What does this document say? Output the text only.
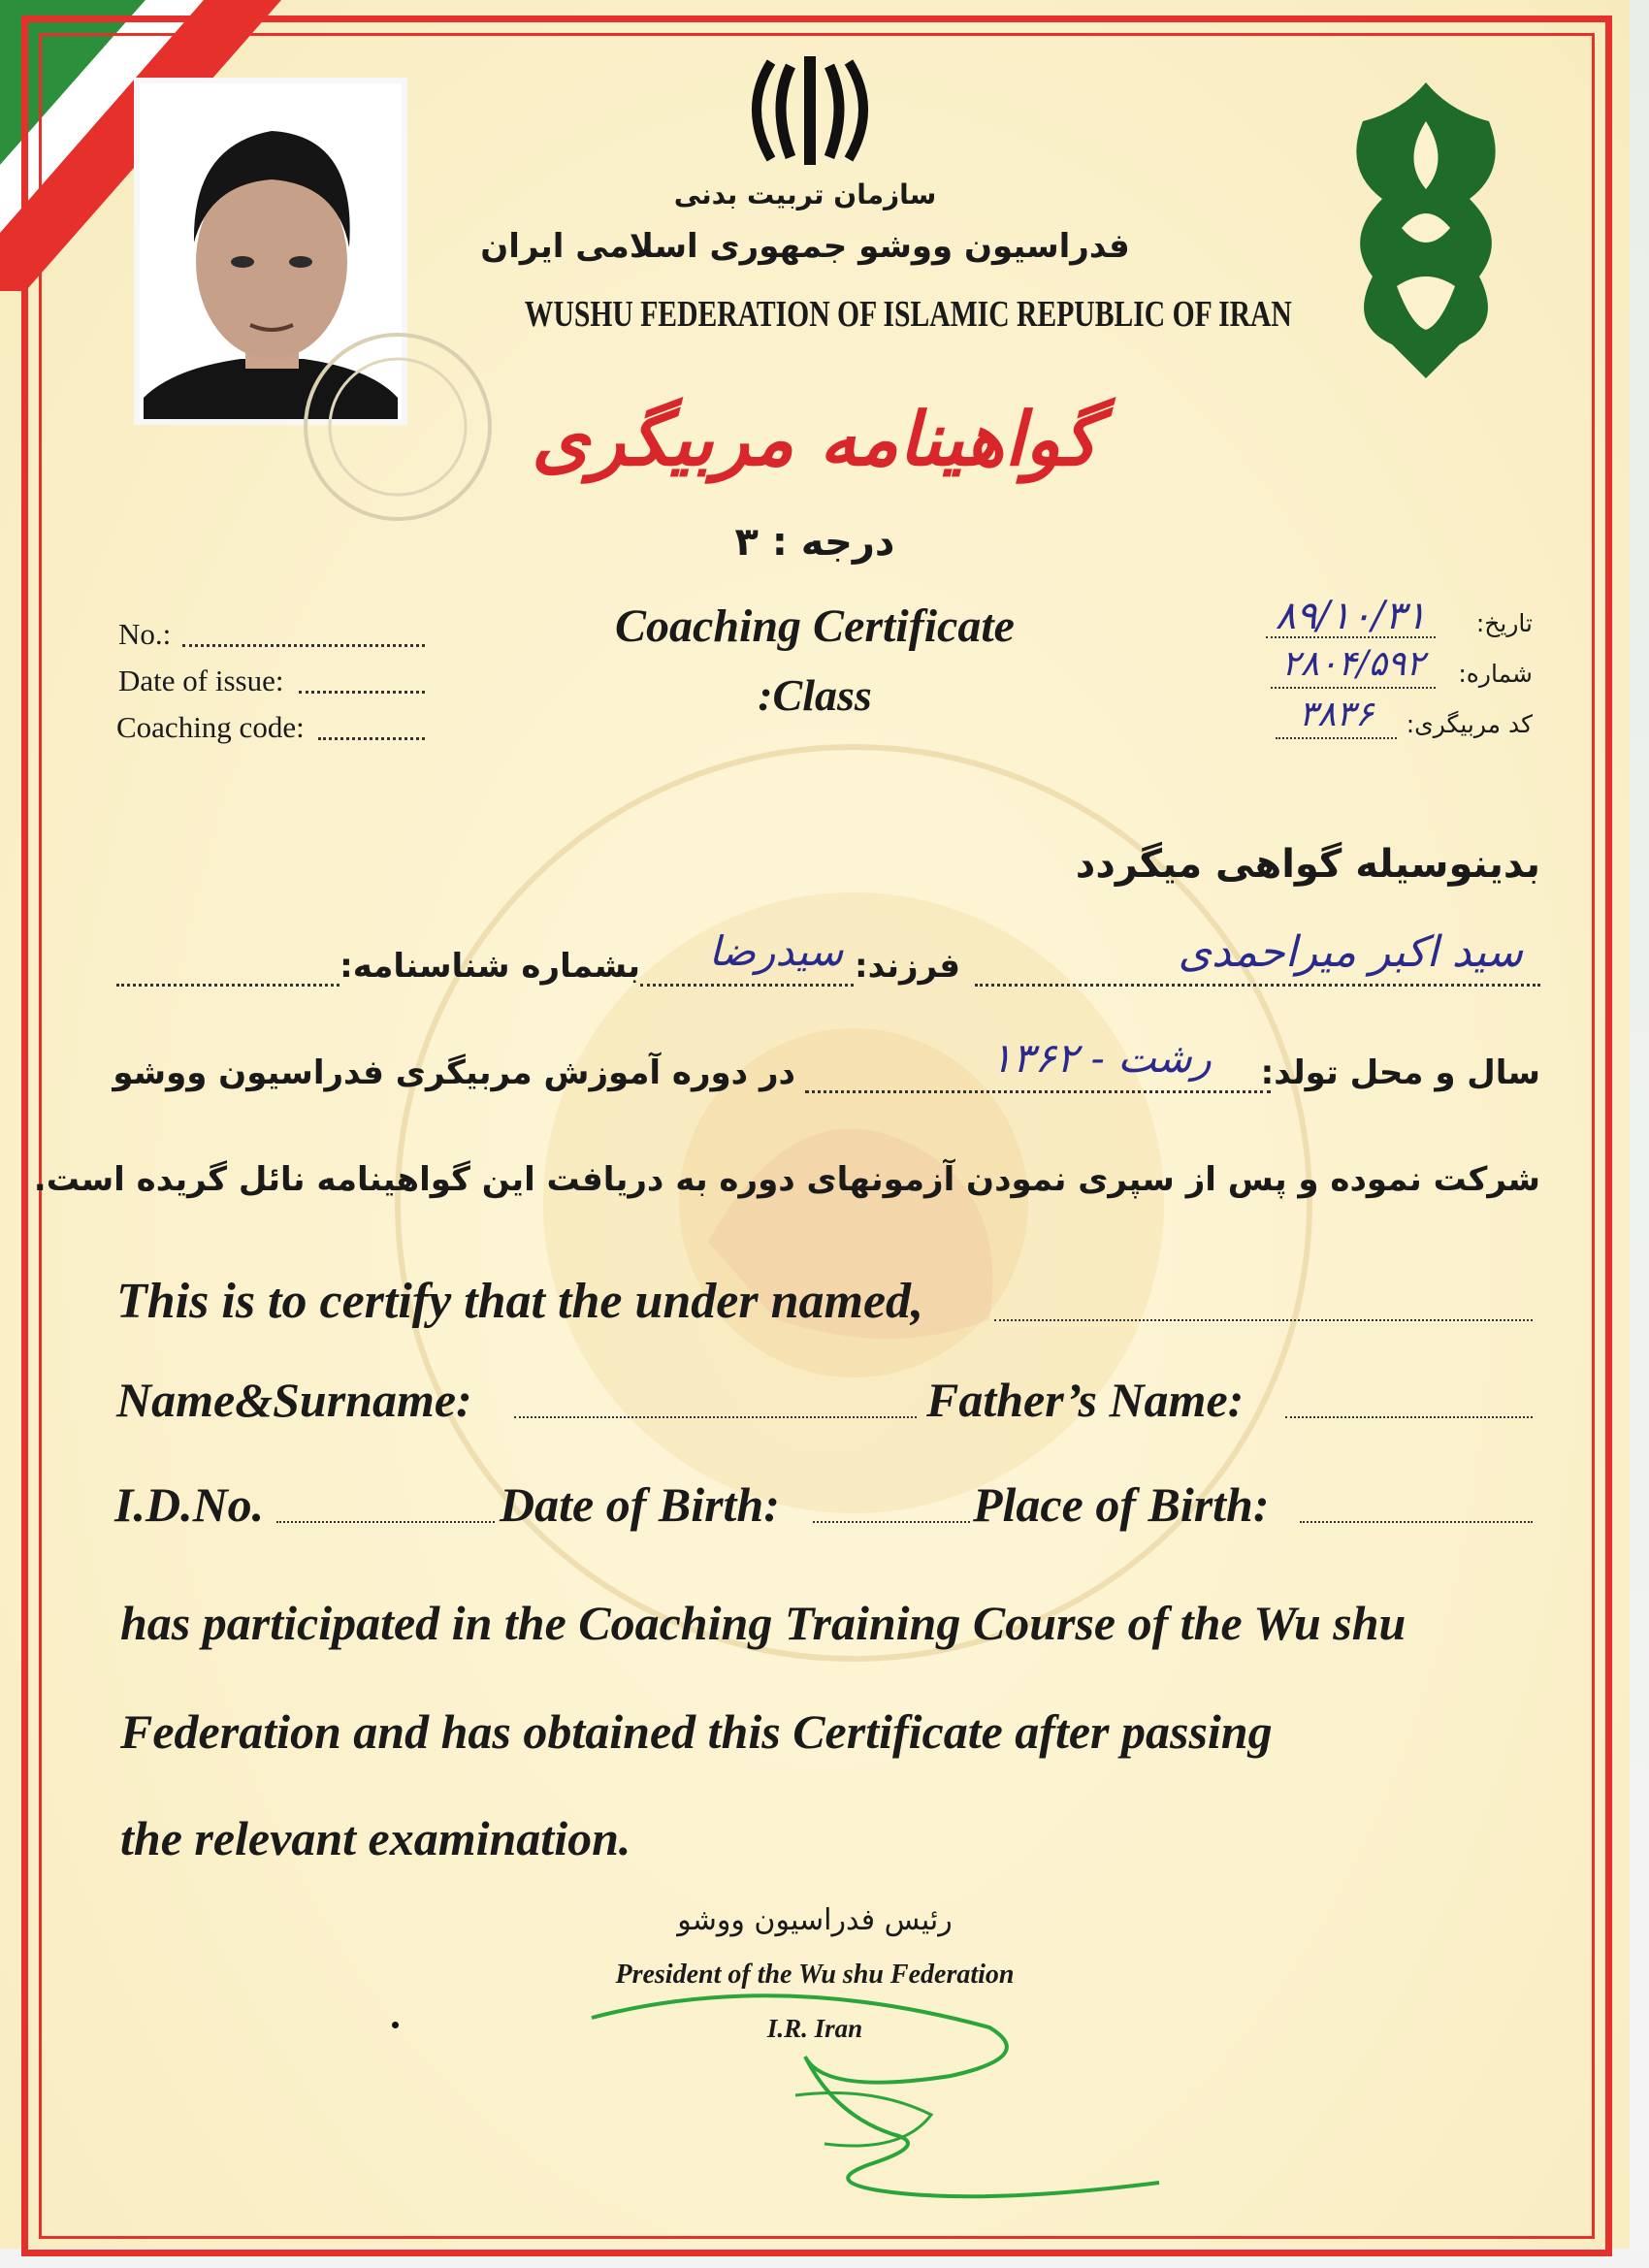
سازمان تربیت بدنی
فدراسیون ووشو جمهوری اسلامی ایران
WUSHU FEDERATION OF ISLAMIC REPUBLIC OF IRAN
گواهینامه مربیگری
درجه : ۳
Coaching Certificate
:Class
No.:
Date of issue:
Coaching code:
تاریخ:
۸۹/۱۰/۳۱
شماره:
۲۸۰۴/۵۹۲
کد مربیگری:
۳۸۳۶
بدینوسیله گواهی میگردد
سید اکبر میراحمدی
فرزند:
سیدرضا
بشماره شناسنامه:
سال و محل تولد:
رشت - ۱۳۶۲
در دوره آموزش مربیگری فدراسیون ووشو
شرکت نموده و پس از سپری نمودن آزمونهای دوره به دریافت این گواهینامه نائل گریده است.
This is to certify that the under named,
Name&Surname:	Father’s Name:
I.D.No.	Date of Birth:	Place of Birth:
has participated in the Coaching Training Course of the Wu shu
Federation and has obtained this Certificate after passing
the relevant examination.
رئیس فدراسیون ووشو
President of the Wu shu Federation
I.R. Iran
